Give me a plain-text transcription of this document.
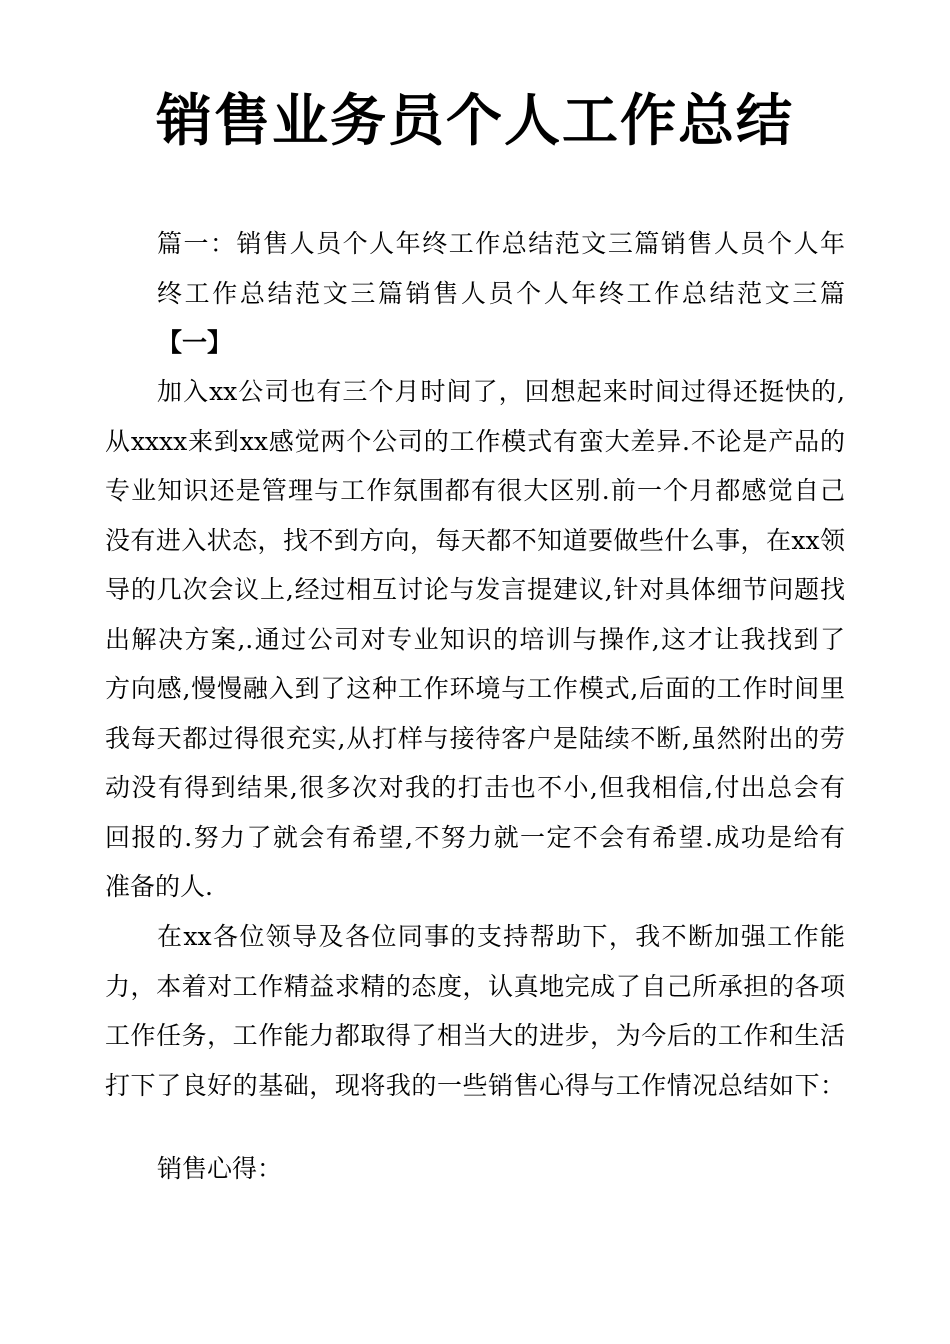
销售业务员个人工作总结
篇一：销售人员个人年终工作总结范文三篇销售人员个人年
终工作总结范文三篇销售人员个人年终工作总结范文三篇
【一】
加入xx公司也有三个月时间了，回想起来时间过得还挺快的,
从xxxx来到xx感觉两个公司的工作模式有蛮大差异.不论是产品的
专业知识还是管理与工作氛围都有很大区别.前一个月都感觉自己
没有进入状态，找不到方向，每天都不知道要做些什么事，在xx领
导的几次会议上,经过相互讨论与发言提建议,针对具体细节问题找
出解决方案,.通过公司对专业知识的培训与操作,这才让我找到了
方向感,慢慢融入到了这种工作环境与工作模式,后面的工作时间里
我每天都过得很充实,从打样与接待客户是陆续不断,虽然附出的劳
动没有得到结果,很多次对我的打击也不小,但我相信,付出总会有
回报的.努力了就会有希望,不努力就一定不会有希望.成功是给有
准备的人.
在xx各位领导及各位同事的支持帮助下，我不断加强工作能
力，本着对工作精益求精的态度，认真地完成了自己所承担的各项
工作任务，工作能力都取得了相当大的进步，为今后的工作和生活
打下了良好的基础，现将我的一些销售心得与工作情况总结如下：
销售心得：
